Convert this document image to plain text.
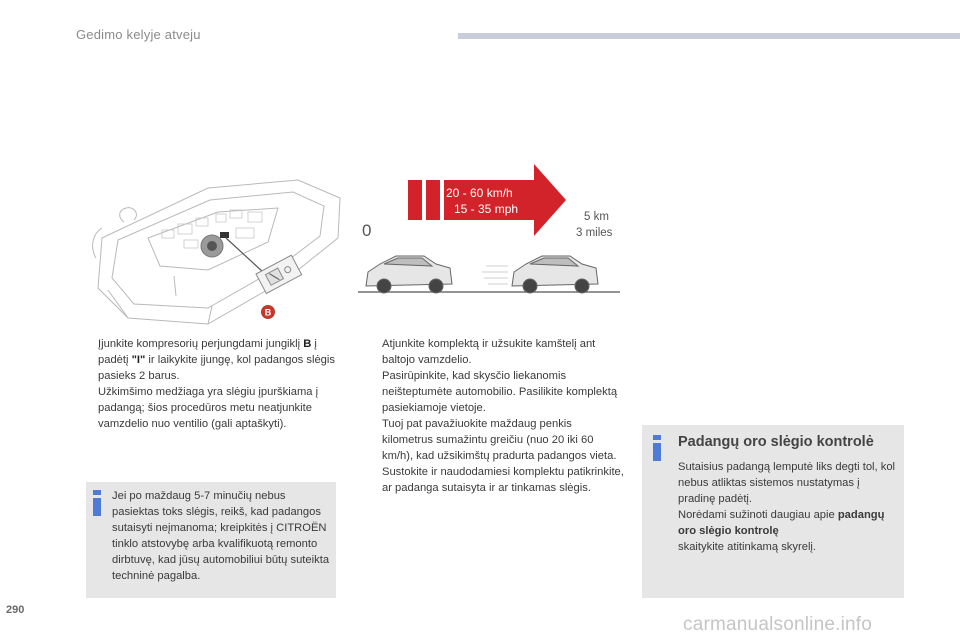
Gedimo kelyje atveju
B
20 - 60 km/h
15 - 35 mph
0
5 km
3 miles

Įjunkite kompresorių perjungdami jungiklį B į padėtį "I" ir laikykite įjungę, kol padangos slėgis pasieks 2 barus.

Užkimšimo medžiaga yra slėgiu įpurškiama į padangą; šios procedūros metu neatjunkite vamzdelio nuo ventilio (gali aptaškyti).

Jei po maždaug 5-7 minučių nebus pasiektas toks slėgis, reikš, kad padangos sutaisyti neįmanoma; kreipkitės į CITROËN tinklo atstovybę arba kvalifikuotą remonto dirbtuvę, kad jūsų automobiliui būtų suteikta techninė pagalba.

Atjunkite komplektą ir užsukite kamštelį ant baltojo vamzdelio.

Pasirūpinkite, kad skysčio liekanomis neišteptumėte automobilio. Pasilikite komplektą pasiekiamoje vietoje.

Tuoj pat pavažiuokite maždaug penkis kilometrus sumažintu greičiu (nuo 20 iki 60 km/h), kad užsikimštų pradurta padangos vieta.

Sustokite ir naudodamiesi komplektu patikrinkite, ar padanga sutaisyta ir ar tinkamas slėgis.

Padangų oro slėgio kontrolė

Sutaisius padangą lemputė liks degti tol, kol nebus atliktas sistemos nustatymas į pradinę padėtį.

Norėdami sužinoti daugiau apie padangų oro slėgio kontrolę

skaitykite atitinkamą skyrelį.

290
carmanualsonline.info
